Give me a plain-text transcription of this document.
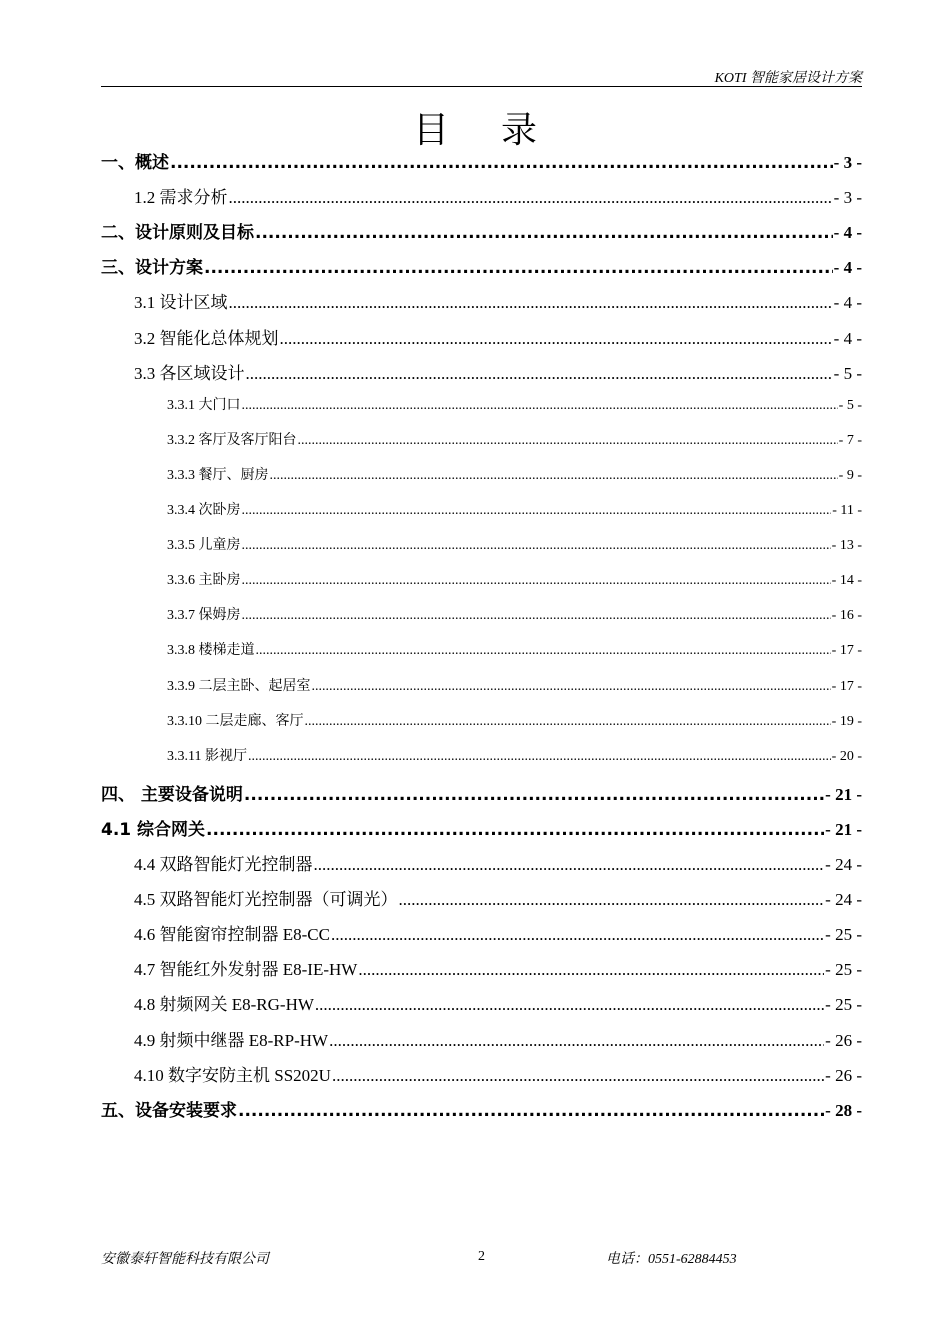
KOTI 智能家居设计方案
目录
一、概述 .....	- 3 -
1.2 需求分析 .....	- 3 -
二、设计原则及目标 .....	- 4 -
三、设计方案 .....	- 4 -
3.1 设计区域 .....	- 4 -
3.2 智能化总体规划 .....	- 4 -
3.3 各区域设计 .....	- 5 -
3.3.1 大门口 .....	- 5 -
3.3.2 客厅及客厅阳台 .....	- 7 -
3.3.3 餐厅、厨房 .....	- 9 -
3.3.4 次卧房 .....	- 11 -
3.3.5 儿童房 .....	- 13 -
3.3.6 主卧房 .....	- 14 -
3.3.7 保姆房 .....	- 16 -
3.3.8 楼梯走道 .....	- 17 -
3.3.9 二层主卧、起居室 .....	- 17 -
3.3.10 二层走廊、客厅 .....	- 19 -
3.3.11 影视厅 .....	- 20 -
四、 主要设备说明 .....	- 21 -
4.1 综合网关 .....	- 21 -
4.4 双路智能灯光控制器 .....	- 24 -
4.5 双路智能灯光控制器（可调光） .....	- 24 -
4.6 智能窗帘控制器 E8-CC .....	- 25 -
4.7 智能红外发射器 E8-IE-HW .....	- 25 -
4.8 射频网关 E8-RG-HW .....	- 25 -
4.9 射频中继器 E8-RP-HW .....	- 26 -
4.10 数字安防主机 SS202U .....	- 26 -
五、设备安装要求 .....	- 28 -
安徽泰轩智能科技有限公司	2	电话：0551-62884453
